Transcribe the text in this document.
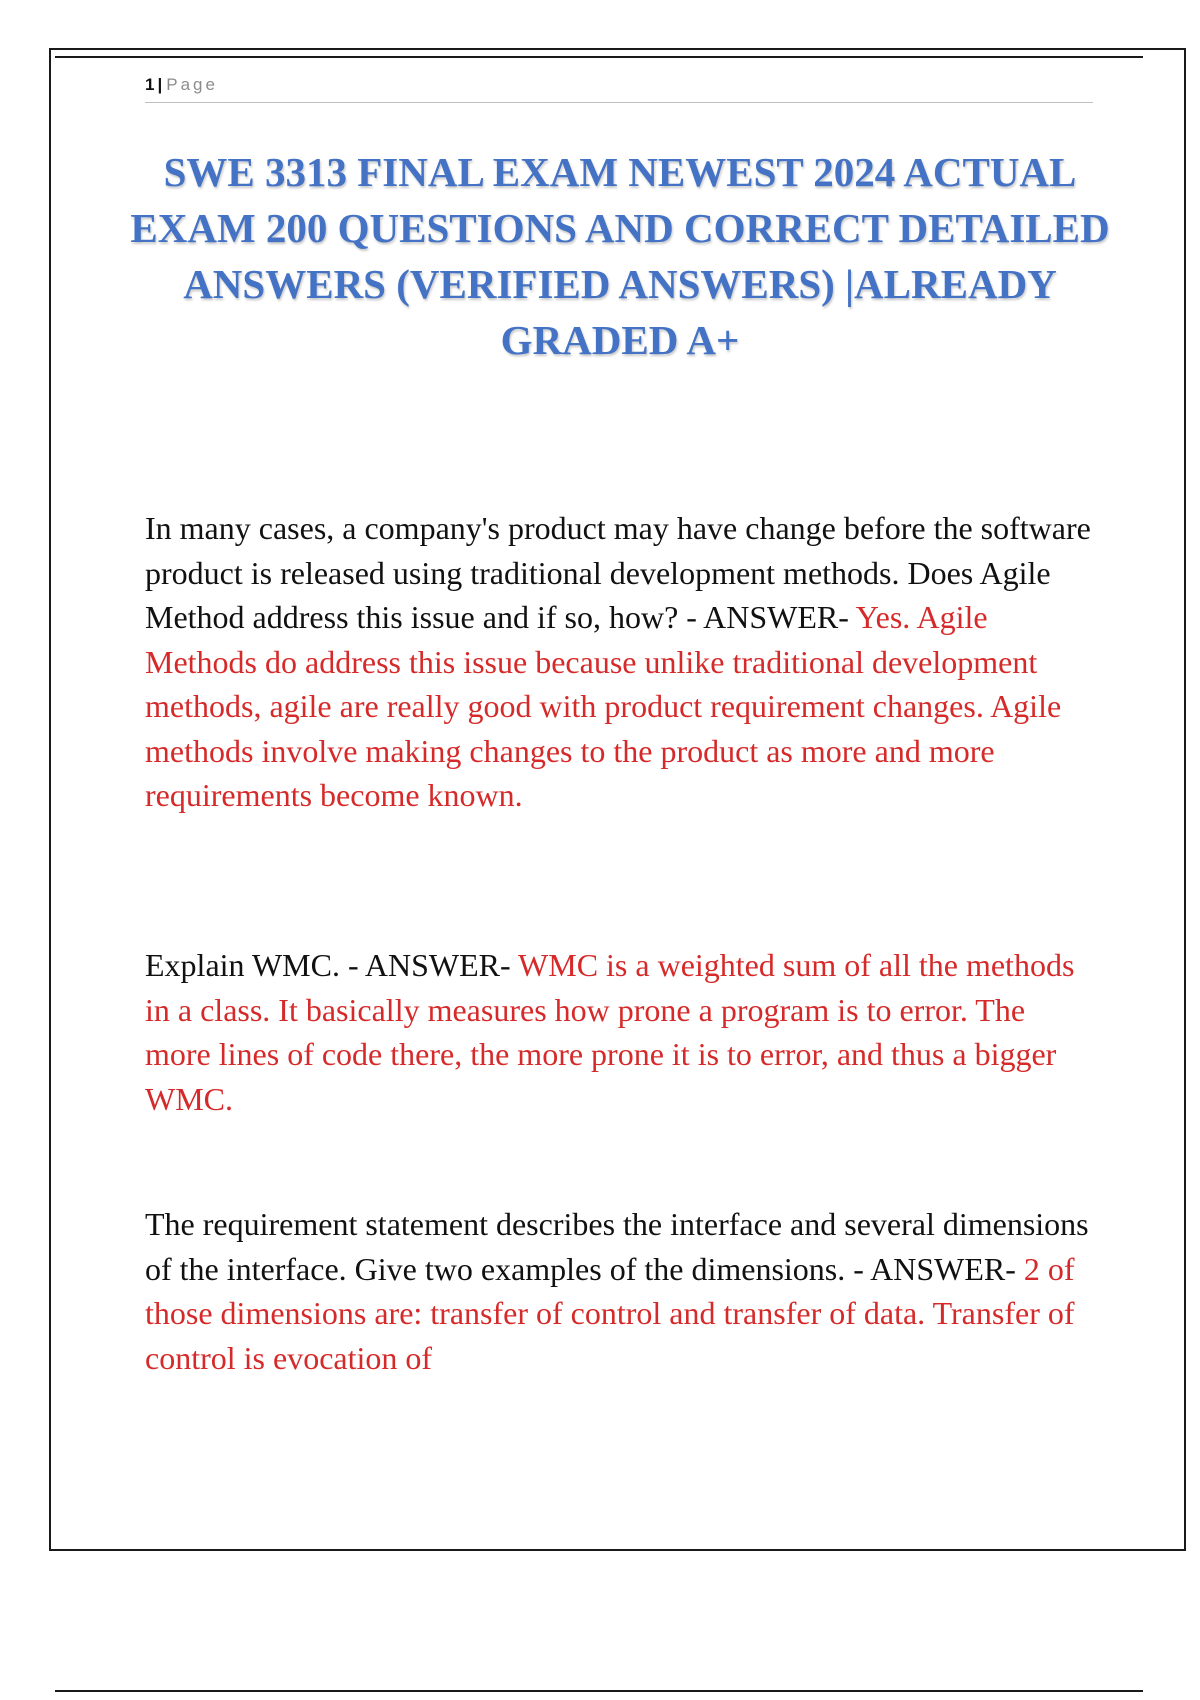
1 | Page
SWE 3313 FINAL EXAM NEWEST 2024 ACTUAL EXAM 200 QUESTIONS AND CORRECT DETAILED ANSWERS (VERIFIED ANSWERS) |ALREADY GRADED A+

In many cases, a company's product may have change before the software product is released using traditional development methods. Does Agile Method address this issue and if so, how? - ANSWER- Yes. Agile Methods do address this issue because unlike traditional development methods, agile are really good with product requirement changes. Agile methods involve making changes to the product as more and more requirements become known.

Explain WMC. - ANSWER- WMC is a weighted sum of all the methods in a class. It basically measures how prone a program is to error. The more lines of code there, the more prone it is to error, and thus a bigger WMC.

The requirement statement describes the interface and several dimensions of the interface. Give two examples of the dimensions. - ANSWER- 2 of those dimensions are: transfer of control and transfer of data. Transfer of control is evocation of
